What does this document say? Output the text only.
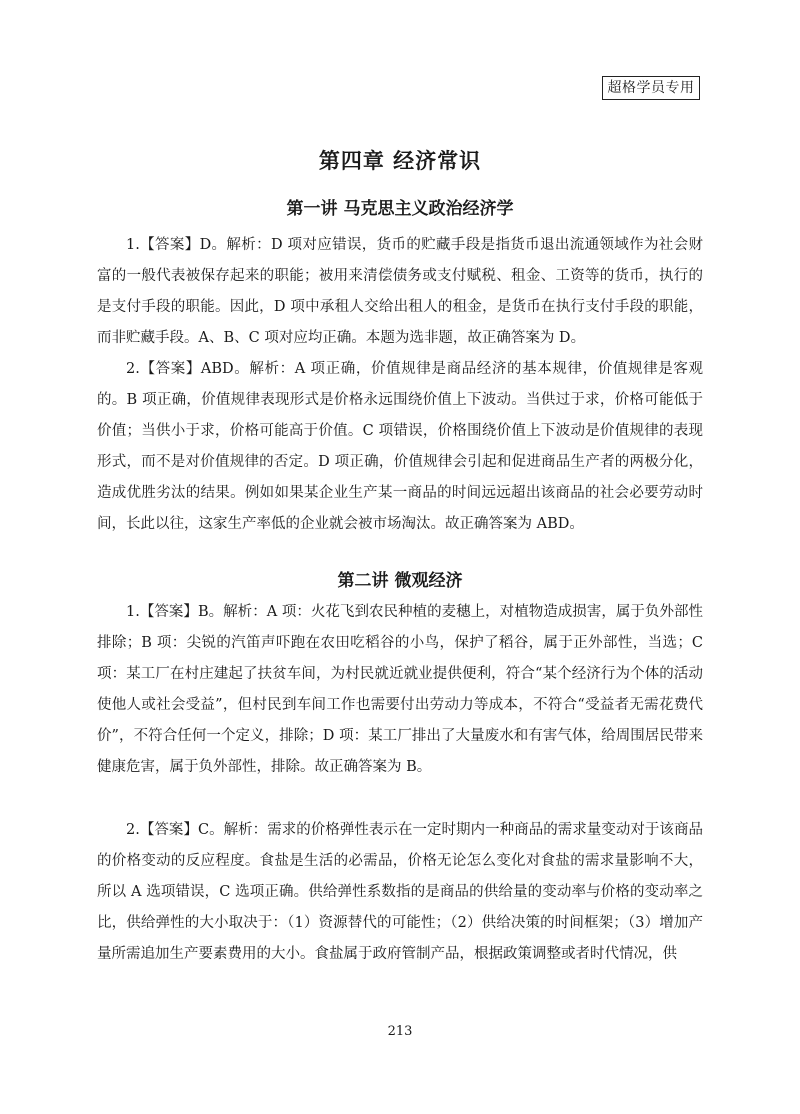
超格学员专用
第四章 经济常识
第一讲 马克思主义政治经济学
1.【答案】D。解析：D 项对应错误，货币的贮藏手段是指货币退出流通领域作为社会财富的一般代表被保存起来的职能；被用来清偿债务或支付赋税、租金、工资等的货币，执行的是支付手段的职能。因此，D 项中承租人交给出租人的租金，是货币在执行支付手段的职能，而非贮藏手段。A、B、C 项对应均正确。本题为选非题，故正确答案为 D。
2.【答案】ABD。解析：A 项正确，价值规律是商品经济的基本规律，价值规律是客观的。B 项正确，价值规律表现形式是价格永远围绕价值上下波动。当供过于求，价格可能低于价值；当供小于求，价格可能高于价值。C 项错误，价格围绕价值上下波动是价值规律的表现形式，而不是对价值规律的否定。D 项正确，价值规律会引起和促进商品生产者的两极分化，造成优胜劣汰的结果。例如如果某企业生产某一商品的时间远远超出该商品的社会必要劳动时间，长此以往，这家生产率低的企业就会被市场淘汰。故正确答案为 ABD。
第二讲 微观经济
1.【答案】B。解析：A 项：火花飞到农民种植的麦穗上，对植物造成损害，属于负外部性排除；B 项：尖锐的汽笛声吓跑在农田吃稻谷的小鸟，保护了稻谷，属于正外部性，当选；C 项：某工厂在村庄建起了扶贫车间，为村民就近就业提供便利，符合“某个经济行为个体的活动使他人或社会受益”，但村民到车间工作也需要付出劳动力等成本，不符合“受益者无需花费代价”，不符合任何一个定义，排除；D 项：某工厂排出了大量废水和有害气体，给周围居民带来健康危害，属于负外部性，排除。故正确答案为 B。
2.【答案】C。解析：需求的价格弹性表示在一定时期内一种商品的需求量变动对于该商品的价格变动的反应程度。食盐是生活的必需品，价格无论怎么变化对食盐的需求量影响不大，所以 A 选项错误，C 选项正确。供给弹性系数指的是商品的供给量的变动率与价格的变动率之比，供给弹性的大小取决于：（1）资源替代的可能性；（2）供给决策的时间框架；（3）增加产量所需追加生产要素费用的大小。食盐属于政府管制产品，根据政策调整或者时代情况，供
213
